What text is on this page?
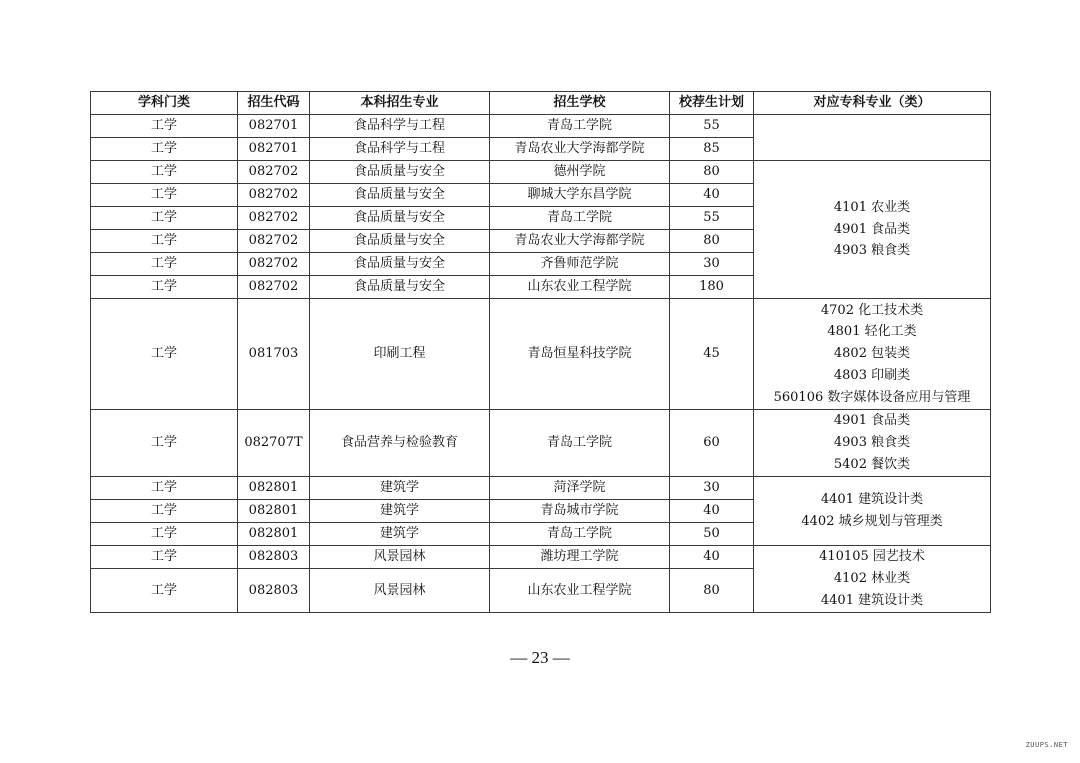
学科门类	招生代码	本科招生专业	招生学校	校荐生计划	对应专科专业（类）
工学	082701	食品科学与工程	青岛工学院	55	
工学	082701	食品科学与工程	青岛农业大学海都学院	85	
工学	082702	食品质量与安全	德州学院	80	4101 农业类
4901 食品类
4903 粮食类

工学	082702	食品质量与安全	聊城大学东昌学院	40	
工学	082702	食品质量与安全	青岛工学院	55	
工学	082702	食品质量与安全	青岛农业大学海都学院	80	
工学	082702	食品质量与安全	齐鲁师范学院	30	
工学	082702	食品质量与安全	山东农业工程学院	180	
工学	081703	印刷工程	青岛恒星科技学院	45	4702 化工技术类
4801 轻化工类
4802 包装类
4803 印刷类
560106 数字媒体设备应用与管理

工学	082707T	食品营养与检验教育	青岛工学院	60	4901 食品类
4903 粮食类
5402 餐饮类

工学	082801	建筑学	菏泽学院	30	4401 建筑设计类
4402 城乡规划与管理类

工学	082801	建筑学	青岛城市学院	40	
工学	082801	建筑学	青岛工学院	50	
工学	082803	风景园林	潍坊理工学院	40	410105 园艺技术
4102 林业类
4401 建筑设计类

工学	082803	风景园林	山东农业工程学院	80	
— 23 —
ZUUPS.NET
